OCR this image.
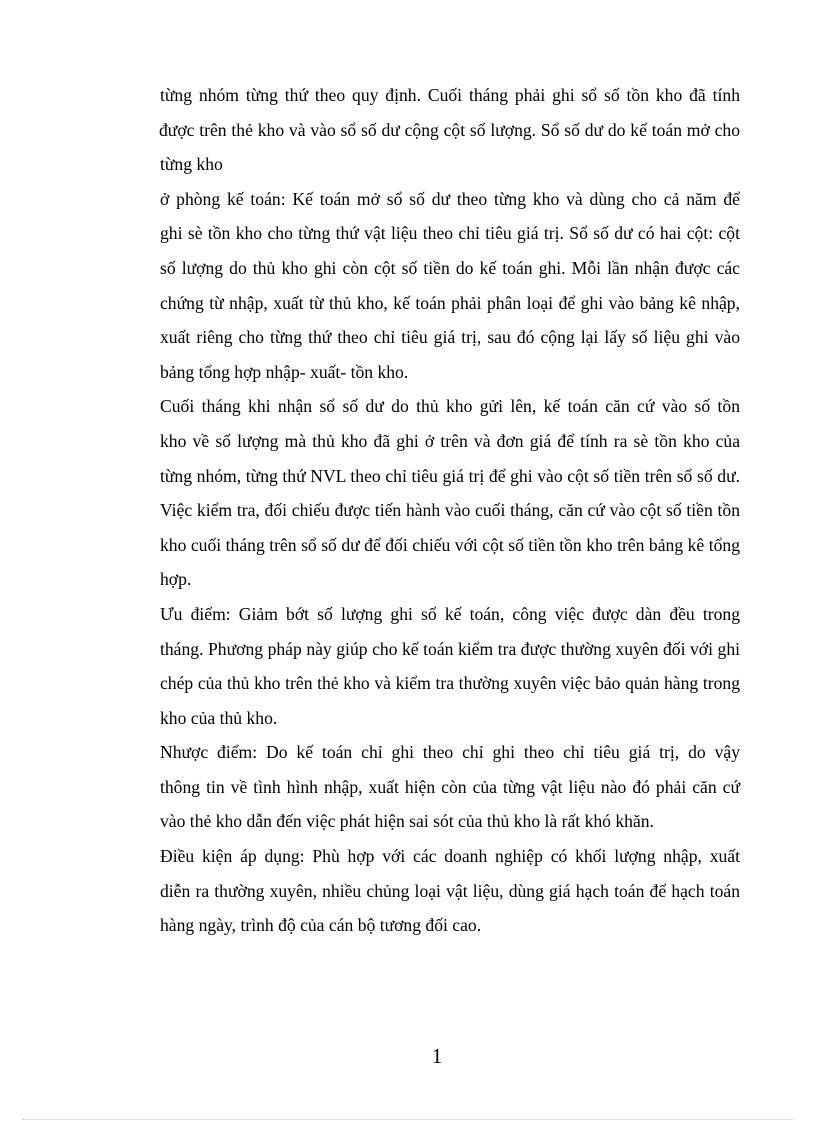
từng nhóm từng thứ theo quy định. Cuối tháng phải ghi sổ số tồn kho đã tính
được trên thẻ kho và vào sổ số dư cộng cột số lượng. Sổ số dư do kế toán mở cho
từng kho

ở phòng kế toán: Kế toán mở sổ số dư theo từng kho và dùng cho cả năm để
ghi sè tồn kho cho từng thứ vật liệu theo chỉ tiêu giá trị. Sổ số dư có hai cột: cột
số lượng do thủ kho ghi còn cột số tiền do kế toán ghi. Mỗi lần nhận được các
chứng từ nhập, xuất từ thủ kho, kế toán phải phân loại để ghi vào bảng kê nhập,
xuất riêng cho từng thứ theo chỉ tiêu giá trị, sau đó cộng lại lấy số liệu ghi vào
bảng tổng hợp nhập- xuất- tồn kho.

Cuối tháng khi nhận sổ số dư do thủ kho gửi lên, kế toán căn cứ vào số tồn
kho về số lượng mà thủ kho đã ghi ở trên và đơn giá để tính ra sè tồn kho của
từng nhóm, từng thứ NVL theo chỉ tiêu giá trị để ghi vào cột số tiền trên sổ số dư.
Việc kiểm tra, đối chiếu được tiến hành vào cuối tháng, căn cứ vào cột số tiền tồn
kho cuối tháng trên sổ số dư để đối chiếu với cột số tiền tồn kho trên bảng kê tổng
hợp.

Ưu điểm: Giảm bớt số lượng ghi sổ kế toán, công việc được dàn đều trong
tháng. Phương pháp này giúp cho kế toán kiểm tra được thường xuyên đối với ghi
chép của thủ kho trên thẻ kho và kiểm tra thường xuyên việc bảo quản hàng trong
kho của thủ kho.

Nhược điểm: Do kế toán chỉ ghi theo chỉ ghi theo chỉ tiêu giá trị, do vậy
thông tin về tình hình nhập, xuất hiện còn của từng vật liệu nào đó phải căn cứ
vào thẻ kho dẫn đến việc phát hiện sai sót của thủ kho là rất khó khăn.

Điều kiện áp dụng: Phù hợp với các doanh nghiệp có khối lượng nhập, xuất
diễn ra thường xuyên, nhiều chủng loại vật liệu, dùng giá hạch toán để hạch toán
hàng ngày, trình độ của cán bộ tương đối cao.

1
